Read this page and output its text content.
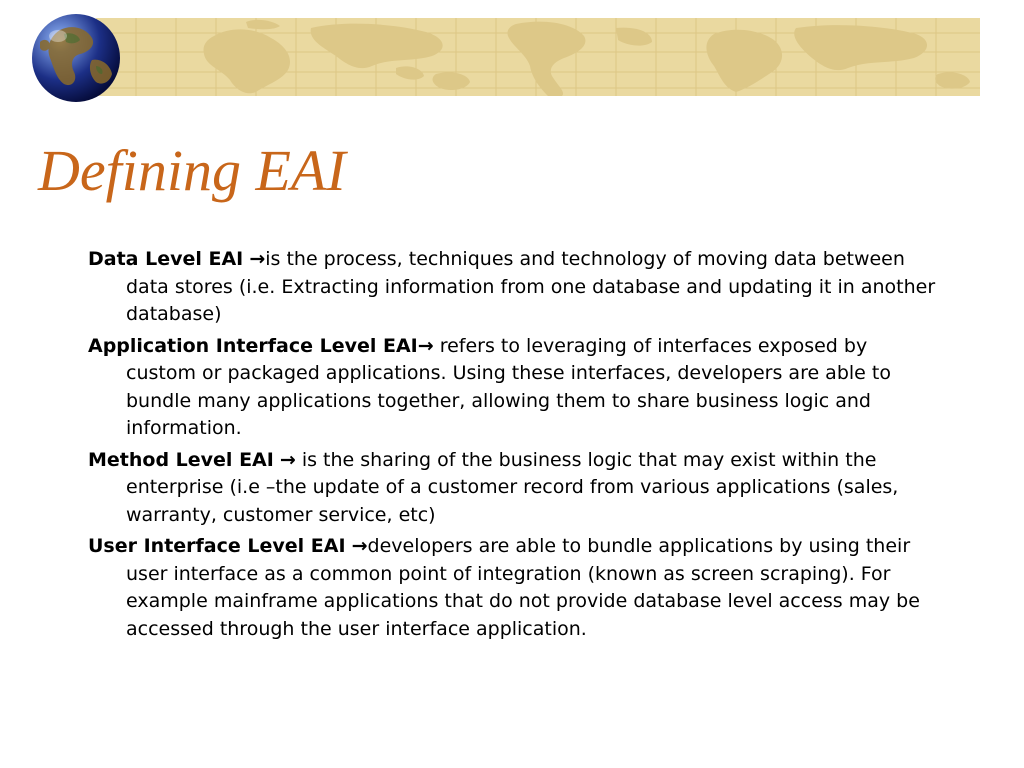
Defining EAI

Data Level EAI →is the process, techniques and technology of moving data between data stores (i.e. Extracting information from one database and updating it in another database)

Application Interface Level EAI→ refers to leveraging of interfaces exposed by custom or packaged applications. Using these interfaces, developers are able to bundle many applications together, allowing them to share business logic and information.

Method Level EAI → is the sharing of the business logic that may exist within the enterprise (i.e –the update of a customer record from various applications (sales, warranty, customer service, etc)

User Interface Level EAI →developers are able to bundle applications by using their user interface as a common point of integration (known as screen scraping). For example mainframe applications that do not provide database level access may be accessed through the user interface application.
